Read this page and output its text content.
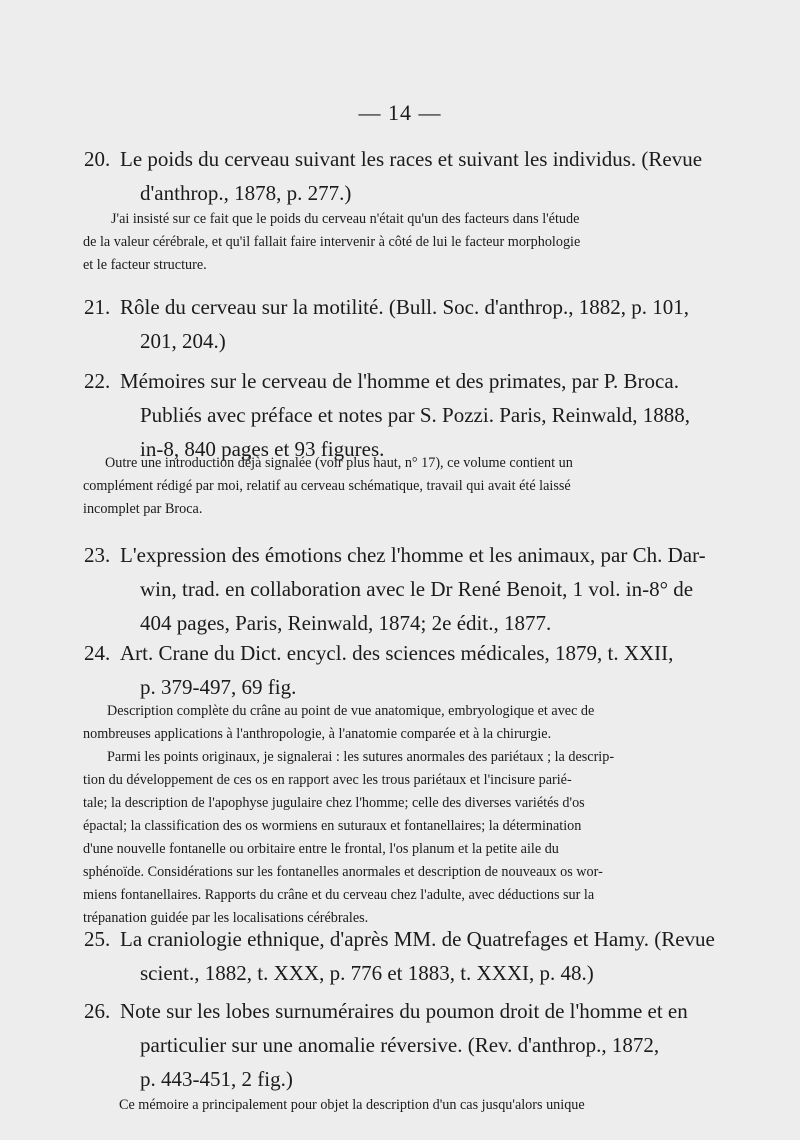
— 14 —
20. Le poids du cerveau suivant les races et suivant les individus. (Revue
d'anthrop., 1878, p. 277.)
J'ai insisté sur ce fait que le poids du cerveau n'était qu'un des facteurs dans l'étude
de la valeur cérébrale, et qu'il fallait faire intervenir à côté de lui le facteur morphologie
et le facteur structure.
21. Rôle du cerveau sur la motilité. (Bull. Soc. d'anthrop., 1882, p. 101,
201, 204.)
22. Mémoires sur le cerveau de l'homme et des primates, par P. Broca.
Publiés avec préface et notes par S. Pozzi. Paris, Reinwald, 1888,
in-8, 840 pages et 93 figures.
Outre une introduction déjà signalée (voir plus haut, n° 17), ce volume contient un
complément rédigé par moi, relatif au cerveau schématique, travail qui avait été laissé
incomplet par Broca.
23. L'expression des émotions chez l'homme et les animaux, par Ch. Dar-
win, trad. en collaboration avec le Dr René Benoit, 1 vol. in-8° de
404 pages, Paris, Reinwald, 1874; 2e édit., 1877.
24. Art. Crane du Dict. encycl. des sciences médicales, 1879, t. XXII,
p. 379-497, 69 fig.
Description complète du crâne au point de vue anatomique, embryologique et avec de
nombreuses applications à l'anthropologie, à l'anatomie comparée et à la chirurgie.
Parmi les points originaux, je signalerai : les sutures anormales des pariétaux ; la descrip-
tion du développement de ces os en rapport avec les trous pariétaux et l'incisure parié-
tale; la description de l'apophyse jugulaire chez l'homme; celle des diverses variétés d'os
épactal; la classification des os wormiens en suturaux et fontanellaires; la détermination
d'une nouvelle fontanelle ou orbitaire entre le frontal, l'os planum et la petite aile du
sphénoïde. Considérations sur les fontanelles anormales et description de nouveaux os wor-
miens fontanellaires. Rapports du crâne et du cerveau chez l'adulte, avec déductions sur la
trépanation guidée par les localisations cérébrales.
25. La craniologie ethnique, d'après MM. de Quatrefages et Hamy. (Revue
scient., 1882, t. XXX, p. 776 et 1883, t. XXXI, p. 48.)
26. Note sur les lobes surnuméraires du poumon droit de l'homme et en
particulier sur une anomalie réversive. (Rev. d'anthrop., 1872,
p. 443-451, 2 fig.)
Ce mémoire a principalement pour objet la description d'un cas jusqu'alors unique
